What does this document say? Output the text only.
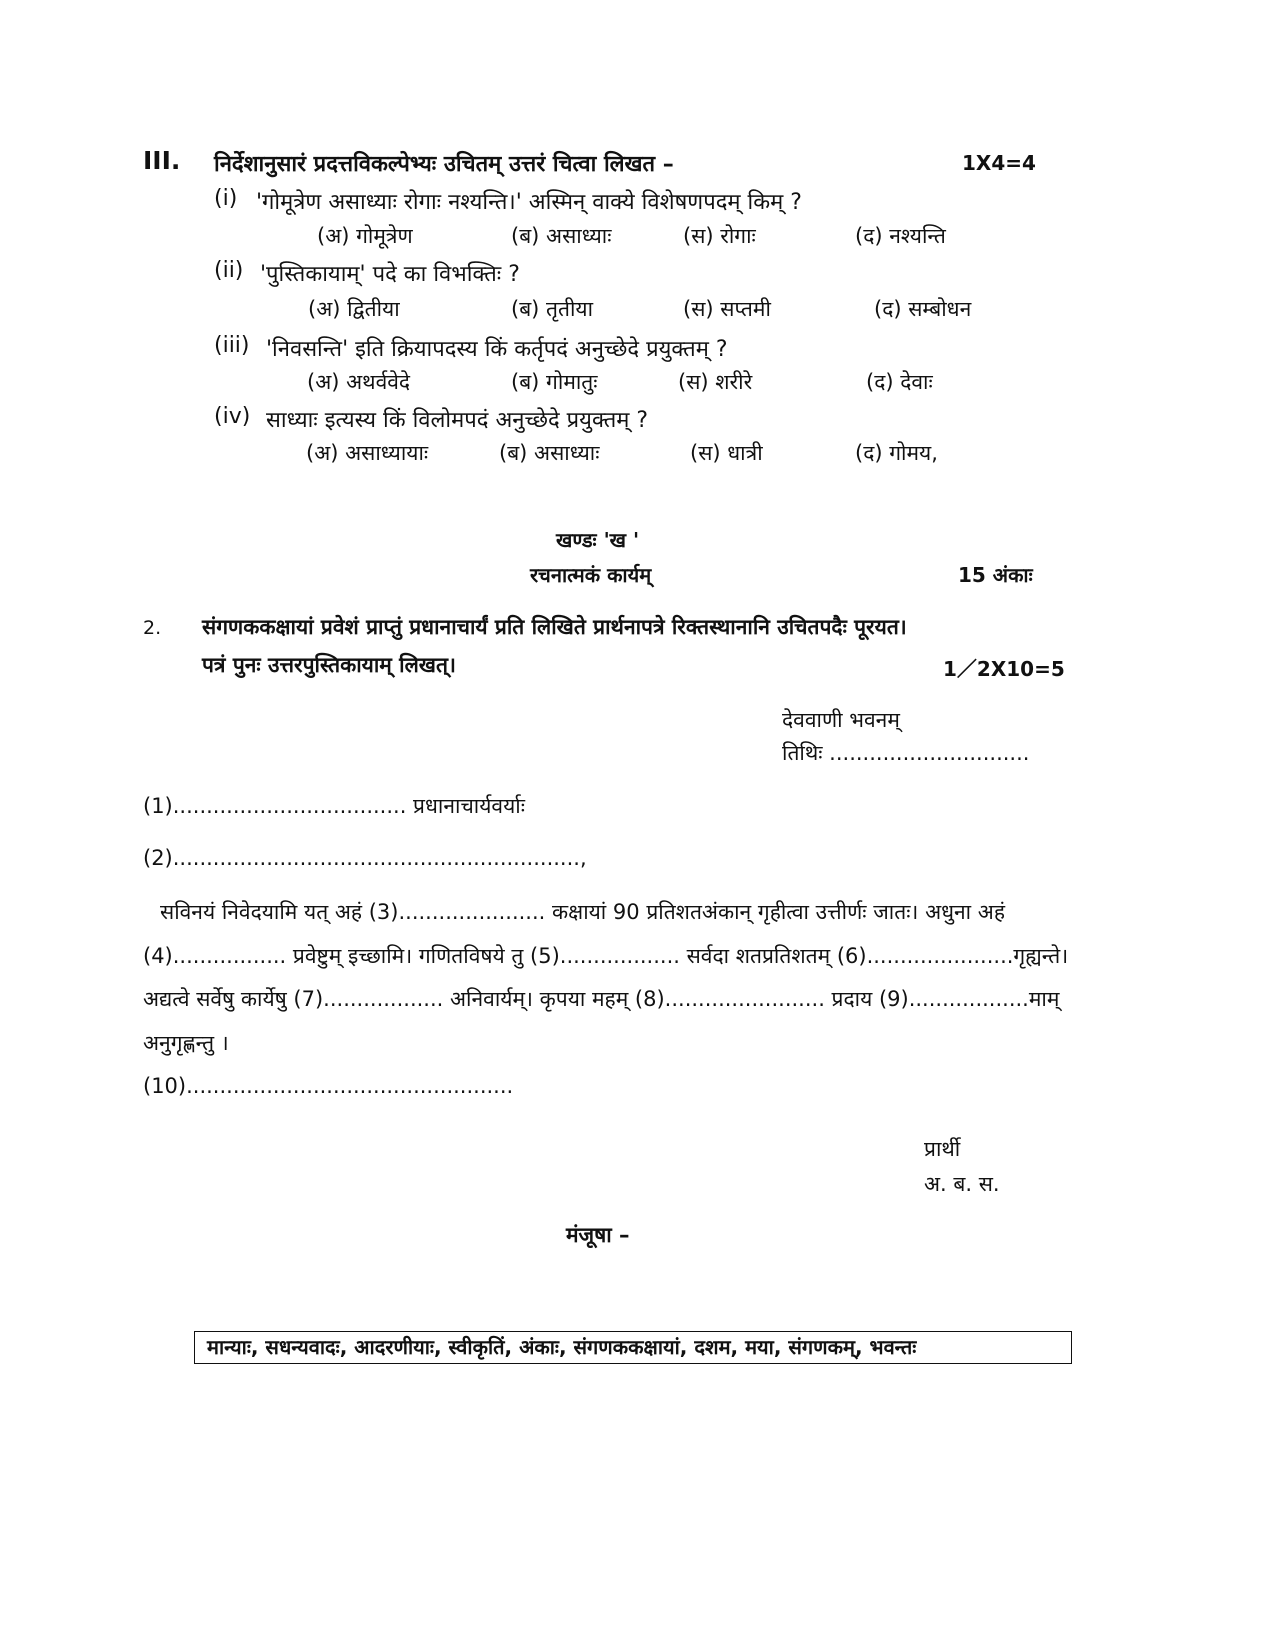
III. निर्देशानुसारं प्रदत्तविकल्पेभ्यः उचितम् उत्तरं चित्वा लिखत –	1X4=4
(i) 'गोमूत्रेण असाध्याः रोगाः नश्यन्ति।' अस्मिन् वाक्ये विशेषणपदम् किम् ?
(अ) गोमूत्रेण	(ब) असाध्याः	(स) रोगाः	(द) नश्यन्ति
(ii) 'पुस्तिकायाम्' पदे का विभक्तिः ?
(अ) द्वितीया	(ब) तृतीया	(स) सप्तमी	(द) सम्बोधन
(iii) 'निवसन्ति' इति क्रियापदस्य किं कर्तृपदं अनुच्छेदे प्रयुक्तम् ?
(अ) अथर्ववेदे	(ब) गोमातुः	(स) शरीरे	(द) देवाः
(iv) साध्याः इत्यस्य किं विलोमपदं अनुच्छेदे प्रयुक्तम् ?
(अ) असाध्यायाः	(ब) असाध्याः	(स) धात्री	(द) गोमय,
खण्डः 'ख '
रचनात्मकं कार्यम्	15 अंकाः
2. संगणककक्षायां प्रवेशं प्राप्तुं प्रधानाचार्यं प्रति लिखिते प्रार्थनापत्रे रिक्तस्थानानि उचितपदैः पूरयत।
पत्रं पुनः उत्तरपुस्तिकायाम् लिखत्।	1／2X10=5
देववाणी भवनम्
तिथिः ..............................
(1)................................... प्रधानाचार्यवर्याः
(2).............................................................,
सविनयं निवेदयामि यत् अहं (3)...................... कक्षायां 90 प्रतिशतअंकान् गृहीत्वा उत्तीर्णः जातः। अधुना अहं
(4)................. प्रवेष्टुम् इच्छामि। गणितविषये तु (5).................. सर्वदा शतप्रतिशतम् (6)......................गृह्यन्ते।
अद्यत्वे सर्वेषु कार्येषु (7).................. अनिवार्यम्। कृपया महम् (8)........................ प्रदाय (9)..................माम्
अनुगृह्णन्तु ।
(10).................................................
प्रार्थी
अ. ब. स.
मंजूषा –
मान्याः, सधन्यवादः, आदरणीयाः, स्वीकृतिं, अंकाः, संगणककक्षायां, दशम, मया, संगणकम्, भवन्तः
